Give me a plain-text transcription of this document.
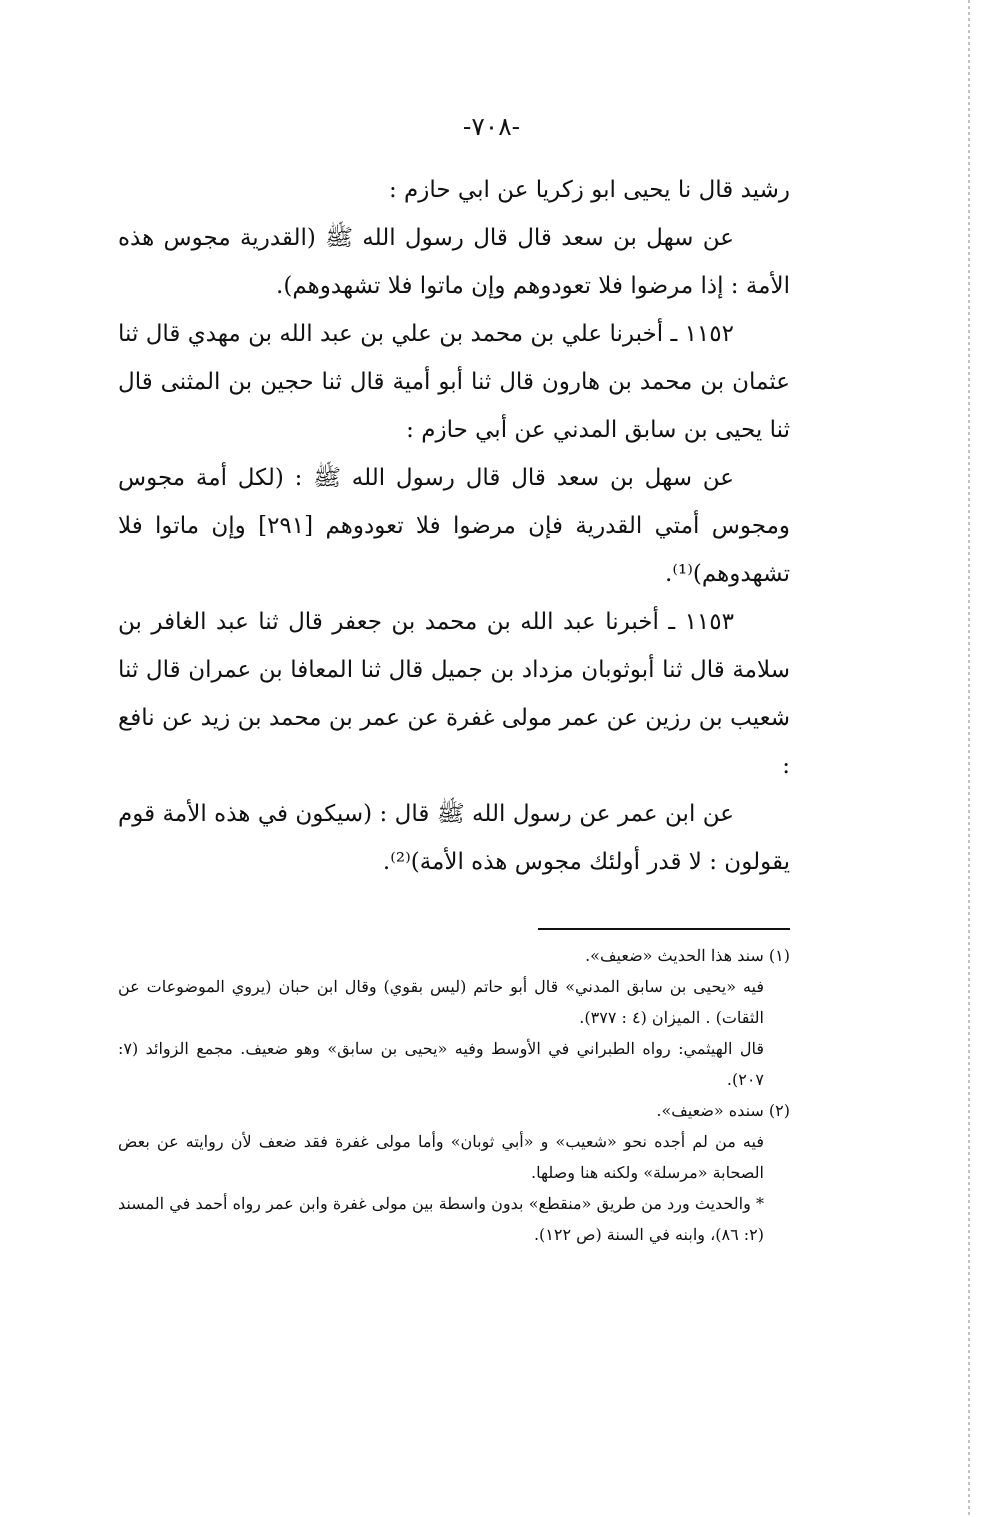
-٧٠٨-

رشيد قال نا يحيى ابو زكريا عن ابي حازم :

عن سهل بن سعد قال قال رسول الله ﷺ (القدرية مجوس هذه الأمة : إذا مرضوا فلا تعودوهم وإن ماتوا فلا تشهدوهم).

١١٥٢ ـ أخبرنا علي بن محمد بن علي بن عبد الله بن مهدي قال ثنا عثمان بن محمد بن هارون قال ثنا أبو أمية قال ثنا حجين بن المثنى قال ثنا يحيى بن سابق المدني عن أبي حازم :

عن سهل بن سعد قال قال رسول الله ﷺ : (لكل أمة مجوس ومجوس أمتي القدرية فإن مرضوا فلا تعودوهم [٢٩١] وإن ماتوا فلا تشهدوهم)⁽¹⁾.

١١٥٣ ـ أخبرنا عبد الله بن محمد بن جعفر قال ثنا عبد الغافر بن سلامة قال ثنا أبوثوبان مزداد بن جميل قال ثنا المعافا بن عمران قال ثنا شعيب بن رزين عن عمر مولى غفرة عن عمر بن محمد بن زيد عن نافع :

عن ابن عمر عن رسول الله ﷺ قال : (سيكون في هذه الأمة قوم يقولون : لا قدر أولئك مجوس هذه الأمة)⁽²⁾.

(١) سند هذا الحديث «ضعيف».

فيه «يحيى بن سابق المدني» قال أبو حاتم (ليس بقوي) وقال ابن حبان (يروي الموضوعات عن الثقات) . الميزان (٤ : ٣٧٧).

قال الهيثمي: رواه الطبراني في الأوسط وفيه «يحيى بن سابق» وهو ضعيف. مجمع الزوائد (٧: ٢٠٧).

(٢) سنده «ضعيف».

فيه من لم أجده نحو «شعيب» و «أبي ثوبان» وأما مولى غفرة فقد ضعف لأن روايته عن بعض الصحابة «مرسلة» ولكنه هنا وصلها.

* والحديث ورد من طريق «منقطع» بدون واسطة بين مولى غفرة وابن عمر رواه أحمد في المسند (٢: ٨٦)، وابنه في السنة (ص ١٢٢).
